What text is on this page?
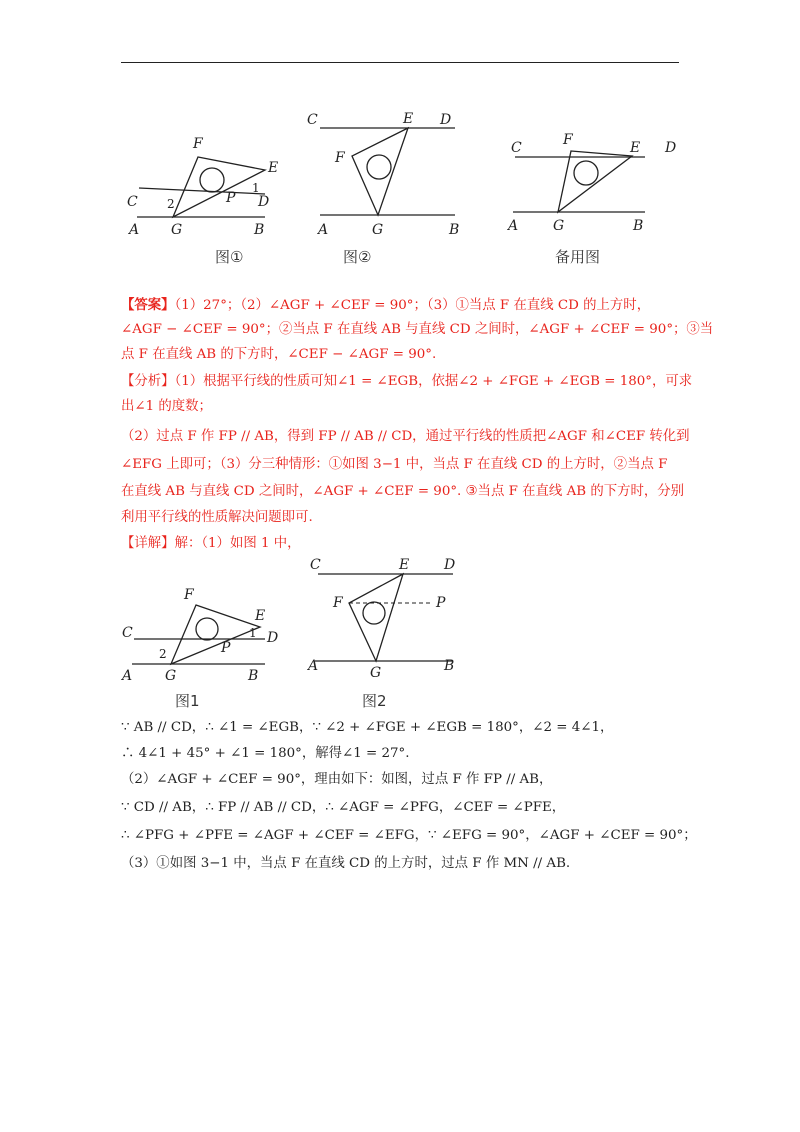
F
E
C	D
A G	B
P
1
2
图①
C	E D
F
A	G	B
图②
C	F	E D
A G	B
备用图
【答案】（1）27°；（2）∠AGF + ∠CEF = 90°；（3）①当点 F 在直线 CD 的上方时，
∠AGF − ∠CEF = 90°；②当点 F 在直线 AB 与直线 CD 之间时，∠AGF + ∠CEF = 90°；③当
点 F 在直线 AB 的下方时，∠CEF − ∠AGF = 90°.
【分析】（1）根据平行线的性质可知∠1 = ∠EGB，依据∠2 + ∠FGE + ∠EGB = 180°，可求
出∠1 的度数；
（2）过点 F 作 FP // AB，得到 FP // AB // CD，通过平行线的性质把∠AGF 和∠CEF 转化到
∠EFG 上即可；（3）分三种情形：①如图 3−1 中，当点 F 在直线 CD 的上方时，②当点 F
在直线 AB 与直线 CD 之间时，∠AGF + ∠CEF = 90°. ③当点 F 在直线 AB 的下方时，分别
利用平行线的性质解决问题即可.
【详解】解：（1）如图 1 中，
F
E
C	D
A G	B
P
1
2
图1
C	E D
F	P
A	G	B
图2
∵ AB // CD，∴ ∠1 = ∠EGB，∵ ∠2 + ∠FGE + ∠EGB = 180°，∠2 = 4∠1，
∴ 4∠1 + 45° + ∠1 = 180°，解得∠1 = 27°.
（2）∠AGF + ∠CEF = 90°，理由如下：如图，过点 F 作 FP // AB，
∵ CD // AB，∴ FP // AB // CD，∴ ∠AGF = ∠PFG，∠CEF = ∠PFE，
∴ ∠PFG + ∠PFE = ∠AGF + ∠CEF = ∠EFG，∵ ∠EFG = 90°，∠AGF + ∠CEF = 90°；
（3）①如图 3−1 中，当点 F 在直线 CD 的上方时，过点 F 作 MN // AB.
